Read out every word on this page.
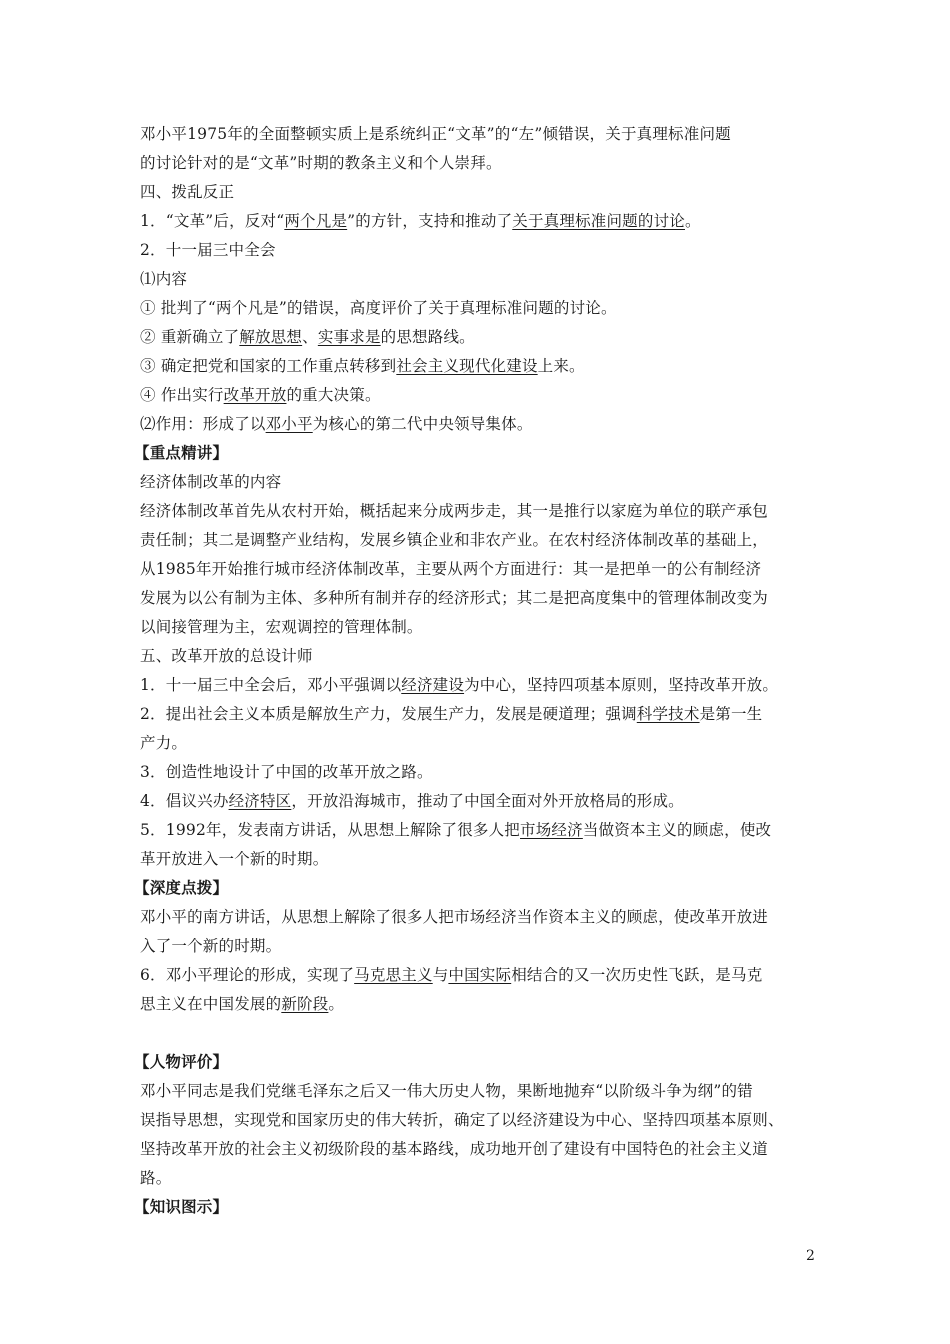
邓小平1975年的全面整顿实质上是系统纠正“文革”的“左”倾错误，关于真理标准问题
的讨论针对的是“文革”时期的教条主义和个人崇拜。
四、拨乱反正
1．“文革”后，反对“两个凡是”的方针，支持和推动了关于真理标准问题的讨论。
2．十一届三中全会
⑴内容
① 批判了“两个凡是”的错误，高度评价了关于真理标准问题的讨论。
② 重新确立了解放思想、实事求是的思想路线。
③ 确定把党和国家的工作重点转移到社会主义现代化建设上来。
④ 作出实行改革开放的重大决策。
⑵作用：形成了以邓小平为核心的第二代中央领导集体。
【重点精讲】
经济体制改革的内容
经济体制改革首先从农村开始，概括起来分成两步走，其一是推行以家庭为单位的联产承包
责任制；其二是调整产业结构，发展乡镇企业和非农产业。在农村经济体制改革的基础上，
从1985年开始推行城市经济体制改革，主要从两个方面进行：其一是把单一的公有制经济
发展为以公有制为主体、多种所有制并存的经济形式；其二是把高度集中的管理体制改变为
以间接管理为主，宏观调控的管理体制。
五、改革开放的总设计师
1．十一届三中全会后，邓小平强调以经济建设为中心，坚持四项基本原则，坚持改革开放。
2．提出社会主义本质是解放生产力，发展生产力，发展是硬道理；强调科学技术是第一生
产力。
3．创造性地设计了中国的改革开放之路。
4．倡议兴办经济特区，开放沿海城市，推动了中国全面对外开放格局的形成。
5．1992年，发表南方讲话，从思想上解除了很多人把市场经济当做资本主义的顾虑，使改
革开放进入一个新的时期。
【深度点拨】
邓小平的南方讲话，从思想上解除了很多人把市场经济当作资本主义的顾虑，使改革开放进
入了一个新的时期。
6．邓小平理论的形成，实现了马克思主义与中国实际相结合的又一次历史性飞跃，是马克
思主义在中国发展的新阶段。
【人物评价】
邓小平同志是我们党继毛泽东之后又一伟大历史人物，果断地抛弃“以阶级斗争为纲”的错
误指导思想，实现党和国家历史的伟大转折，确定了以经济建设为中心、坚持四项基本原则、
坚持改革开放的社会主义初级阶段的基本路线，成功地开创了建设有中国特色的社会主义道
路。
【知识图示】
2
